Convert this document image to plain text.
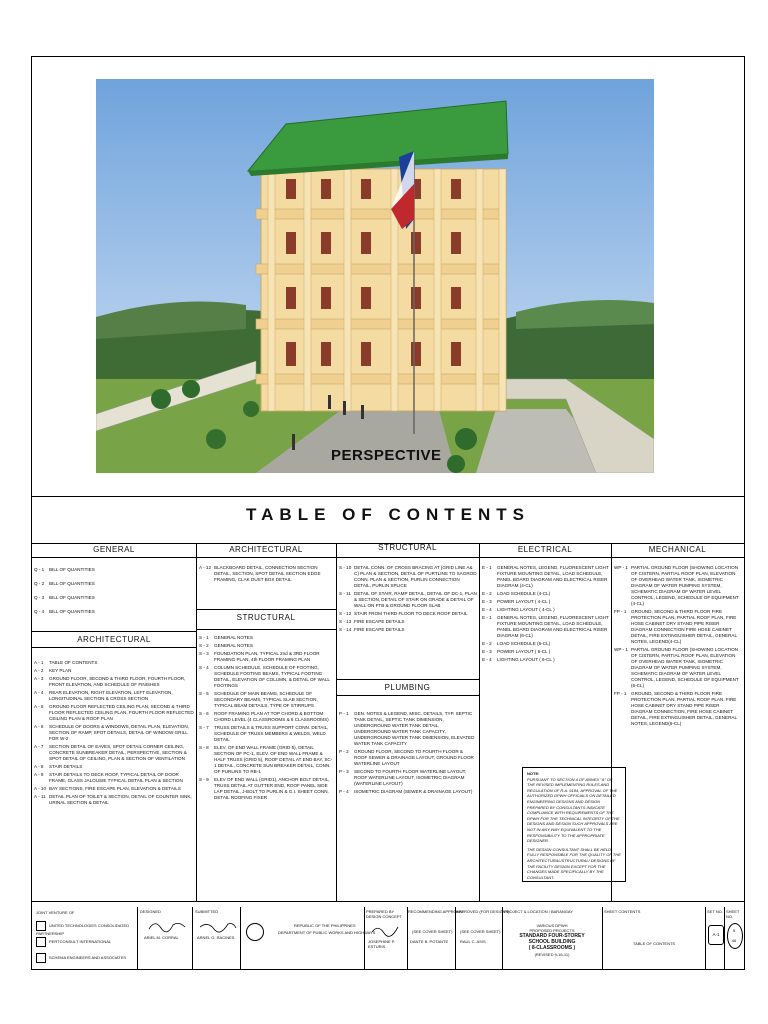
PERSPECTIVE
TABLE OF CONTENTS
GENERAL	ARCHITECTURAL	STRUCTURAL	ELECTRICAL	MECHANICAL
ARCHITECTURAL
STRUCTURAL
PLUMBING
Q - 1 BILL OF QUANTITIES
Q - 2 BILL OF QUANTITIES
Q - 3 BILL OF QUANTITIES
Q - 4 BILL OF QUANTITIES
A - 1 TABLE OF CONTENTS
A - 2 KEY PLAN
A - 3 GROUND FLOOR, SECOND & THIRD FLOOR, FOURTH FLOOR, FRONT ELEVATION, AND SCHEDULE OF FINISHES
A - 4 REAR ELEVATION, RIGHT ELEVATION, LEFT ELEVATION, LONGITUDINAL SECTION & CROSS SECTION
A - 5 GROUND FLOOR REFLECTED CEILING PLAN, SECOND & THIRD FLOOR REFLECTED CEILING PLAN, FOURTH FLOOR REFLECTED CEILING PLAN & ROOF PLAN
A - 6 SCHEDULE OF DOORS & WINDOWS, DETAIL PLAN, ELEVATION, SECTION OF RAMP, SPOT DETAILS, DETAIL OF WINDOW GRILL FOR W-2
A - 7 SECTION DETAIL OF EAVES, SPOT DETAIL CORNER CEILING, CONCRETE SUNBREAKER DETAIL, PERSPECTIVE, SECTION & SPOT DETAIL OF CEILING, PLAN & SECTION OF VENTILATION
A - 8 STAIR DETAILS
A - 9 STAIR DETAILS TO DECK ROOF, TYPICAL DETAIL OF DOOR FRAME, GLASS JALOUSIE TYPICAL DETAIL PLAN & SECTION
A - 10 BAY SECTIONS, FIRE ESCAPE PLAN, ELEVATION & DETAILS
A - 11 DETAIL PLAN OF TOILET & SECTION, DETAIL OF COUNTER SINK, URINAL SECTION & DETAIL
A - 12 BLACKBOARD DETAIL, CONNECTION SECTION DETAIL, SECTION, SPOT DETAIL SECTION EDGE FRAMING, CLAK DUST BOX DETAIL
S - 1 GENERAL NOTES
S - 2 GENERAL NOTES
S - 3 FOUNDATION PLAN, TYPICAL 2nd & 3RD FLOOR FRAMING PLAN, 4th FLOOR FRAMING PLAN
S - 4 COLUMN SCHEDULE, SCHEDULE OF FOOTING, SCHEDULE FOOTING BEAMS, TYPICAL FOOTING DETAIL, ELEVATION OF COLUMN, & DETAIL OF WALL FOOTINGS
S - 5 SCHEDULE OF MAIN BEAMS, SCHEDULE OF SECONDARY BEAMS, TYPICAL SLAB SECTION, TYPICAL BEAM DETAILS, TYPE OF STIRRUPS
S - 6 ROOF FRAMING PLAN AT TOP CHORD & BOTTOM CHORD LEVEL (4 CLASSROOMS & 6 CLASSROOMS)
S - 7 TRUSS DETAILS & TRUSS SUPPORT CONN. DETAIL, SCHEDULE OF TRUSS MEMBERS & WELDS, WELD DETAIL
S - 8 ELEV. OF END WALL FRAME (GRID 5), DETAIL SECTION OF PC-1, ELEV. OF END WALL FRAME & HALF TRUSS (GRID 5), ROOF DETAIL AT END BAY, SC-1 DETAIL, CONCRETE SUN BREAKER DETAIL, CONN. OF PURLINS TO RB-1
S - 9 ELEV OF END WALL (GRID1), ANCHOR BOLT DETAIL, TRUSS DETAIL AT GUTTER END, ROOF PANEL SIDE LAP DETAIL, J-BOLT TO PURLIN & G.I. SHEET CONN. DETAIL ROOFING FIXER
S - 10 DETAIL CONN. OF CROSS BRACING AT (GRID LINE A& C) PLAN & SECTION, DETAIL OF PURTLINS TO SAGROD CONN. PLAN & SECTION, PURLIN CONNECTION DETAIL, PURLIN SPLICE
S - 11 DETAIL OF STAIR, RAMP DETAIL, DETAIL OF DC-1, PLAN & SECTION, DETAIL OF STAIR ON GRADE & DETAIL OF WALL ON FTB & GROUND FLOOR SLAB
S - 12 STAIR FROM THIRD FLOOR TO DECK ROOF DETAIL
S - 13 FIRE ESCAPE DETAILS
S - 14 FIRE ESCAPE DETAILS
P - 1 GEN. NOTES & LEGEND, MISC. DETAILS, TYP. SEPTIC TANK DETAIL, SEPTIC TANK DIMENSION, UNDERGROUND WATER TANK DETAIL, UNDERGROUND WATER TANK CAPACITY, UNDERGROUND WATER TANK DIMENSION, ELEVATED WATER TANK CAPACITY
P - 2 GROUND FLOOR, SECOND TO FOURTH FLOOR & ROOF SEWER & DRAINAGE LAYOUT, GROUND FLOOR WATERLINE LAYOUT
P - 3 SECOND TO FOURTH FLOOR WATERLINE LAYOUT, ROOF WATERLINE LAYOUT, ISOMETRIC DIAGRAM (WATERLINE LAYOUT)
P - 4 ISOMETRIC DIAGRAM (SEWER & DRAINAGE LAYOUT)
E - 1 GENERAL NOTES, LEGEND, FLUORESCENT LIGHT FIXTURE MOUNTING DETAIL, LOAD SCHEDULE, PANEL BOARD DIAGRAM AND ELECTRICAL RISER DIAGRAM (4-CL)
E - 2 LOAD SCHEDULE (4-CL)
E - 3 POWER LAYOUT ( 4-CL )
E - 4 LIGHTING LAYOUT ( 4-CL )
E - 1 GENERAL NOTES, LEGEND, FLUORESCENT LIGHT FIXTURE MOUNTING DETAIL, LOAD SCHEDULE, PANEL BOARD DIAGRAM AND ELECTRICAL RISER DIAGRAM (6-CL)
E - 2 LOAD SCHEDULE (6-CL)
E - 3 POWER LAYOUT ( 6-CL )
E - 4 LIGHTING LAYOUT ( 6-CL )
WP - 1 PARTIAL GROUND FLOOR (SHOWING LOCATION OF CISTERN, PARTIAL ROOF PLAN, ELEVATION OF OVERHEAD WATER TANK, ISOMETRIC DIAGRAM OF WATER PUMPING SYSTEM, SCHEMATIC DIAGRAM OF WATER LEVEL CONTROL, LEGEND, SCHEDULE OF EQUIPMENT (4-CL)
FP - 1 GROUND, SECOND & THIRD FLOOR FIRE PROTECTION PLAN, PARTIAL ROOF PLAN, FIRE HOSE CABINET DRY STAND PIPE RISER DIAGRAM CONNECTION FIRE HOSE CABINET DETAIL, FIRE EXTINGUISHER DETAIL, GENERAL NOTES, LEGEND(4-CL)
WP - 1 PARTIAL GROUND FLOOR (SHOWING LOCATION OF CISTERN, PARTIAL ROOF PLAN, ELEVATION OF OVERHEAD WATER TANK, ISOMETRIC DIAGRAM OF WATER PUMPING SYSTEM, SCHEMATIC DIAGRAM OF WATER LEVEL CONTROL, LEGEND, SCHEDULE OF EQUIPMENT (6-CL)
FP - 1 GROUND, SECOND & THIRD FLOOR FIRE PROTECTION PLAN, PARTIAL ROOF PLAN, FIRE HOSE CABINET DRY STAND PIPE RISER DIAGRAM CONNECTION, FIRE HOSE CABINET DETAIL, FIRE EXTINGUISHER DETAIL, GENERAL NOTES, LEGEND(6-CL)
NOTE:
PURSUANT TO SECTION 4 OF ANNEX "A" OF THE REVISED IMPLEMENTING RULES AND REGULATION OF R.A. 9184, APPROVAL OF THE AUTHORIZED DPWH OFFICIALS ON DETAILED ENGINEERING DESIGNS AND DESIGN PREPARED BY CONSULTANTS INDICATE COMPLIANCE WITH REQUIREMENTS OF THE DPWH FOR THE TECHNICAL INTEGRITY OF THE DESIGNS AND DESIGN SUCH APPROVALS ARE NOT IN ANY WAY EQUIVALENT TO THE RESPONSIBILITY TO THE APPROPRIATE DESIGNER.
THE DESIGN CONSULTANT SHALL BE HELD FULLY RESPONSIBLE FOR THE QUALITY OF THE ARCHITECTURAL/STRUCTURAL/ DESIGNS OF THE FACILITY DESIGN EXCEPT FOR THE CHANGES MADE SPECIFICALLY BY THE CONSULTANT.
JOINT VENTURE OF
UNITED TECHNOLOGIES CONSOLIDATED PARTNERSHIP
PERTCONSULT INTERNATIONAL
SCHEMA ENGINEERS AND ASSOCIATES
DESIGNED	SUBMITTED
ARIEL M. CORRAL	ARNEL G. RACINES
REPUBLIC OF THE PHILIPPINES
DEPARTMENT OF PUBLIC WORKS AND HIGHWAYS
PREPARED BY DESIGN CONCEPT
RECOMMENDING APPROVAL
APPROVED (FOR DESIGNS)
JOSEPHINE P. ESTURIS
(SEE COVER SHEET) (SEE COVER SHEET)
DANTE B. POTANTE	RAUL C. ASIS
PROJECT & LOCATION / BARANGAY
VARIOUS DPWH
PROPOSED PROJECTS
STANDARD FOUR-STOREY
SCHOOL BUILDING
( 8-CLASSROOMS )
(REVISED 9-16-11)
SHEET CONTENTS
TABLE OF CONTENTS
SET NO. SHEET NO.
A-1
5
46
